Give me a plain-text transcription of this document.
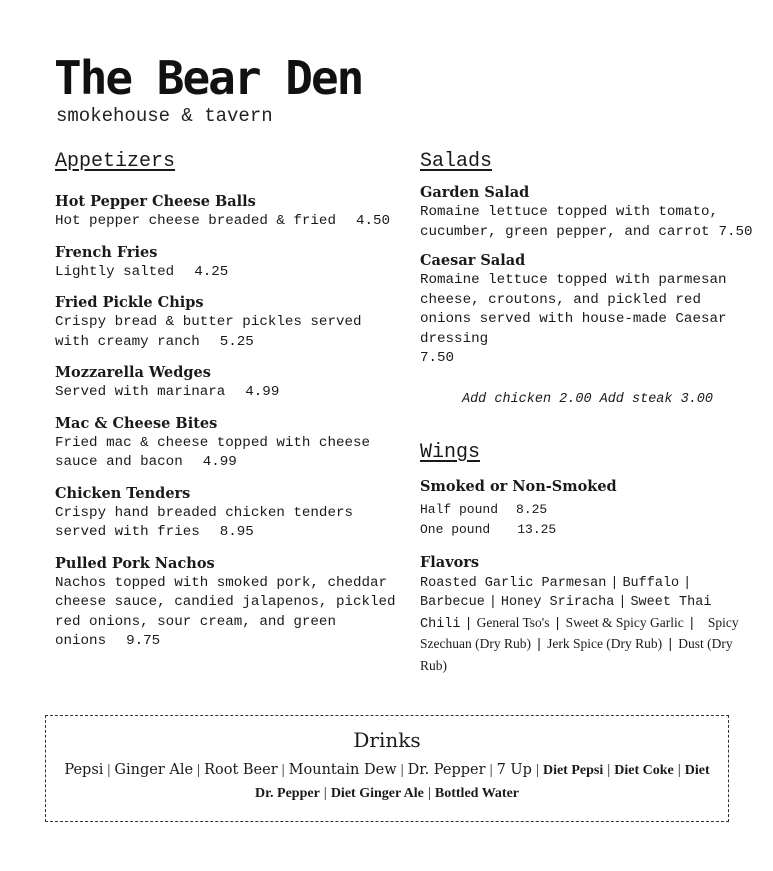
The Bear Den
smokehouse & tavern
Appetizers
Hot Pepper Cheese Balls
Hot pepper cheese breaded & fried 4.50
French Fries
Lightly salted 4.25
Fried Pickle Chips
Crispy bread & butter pickles served with creamy ranch 5.25
Mozzarella Wedges
Served with marinara 4.99
Mac & Cheese Bites
Fried mac & cheese topped with cheese sauce and bacon 4.99
Chicken Tenders
Crispy hand breaded chicken tenders served with fries 8.95
Pulled Pork Nachos
Nachos topped with smoked pork, cheddar cheese sauce, candied jalapenos, pickled red onions, sour cream, and green onions 9.75
Salads
Garden Salad
Romaine lettuce topped with tomato, cucumber, green pepper, and carrot 7.50
Caesar Salad
Romaine lettuce topped with parmesan cheese, croutons, and pickled red onions served with house-made Caesar dressing
7.50
Add chicken 2.00 Add steak 3.00
Wings
Smoked or Non-Smoked
Half pound 8.25
One pound 13.25
Flavors
Roasted Garlic Parmesan | Buffalo | Barbecue | Honey Sriracha | Sweet Thai Chili | General Tso's | Sweet & Spicy Garlic | Spicy Szechuan (Dry Rub) | Jerk Spice (Dry Rub) | Dust (Dry Rub)
Drinks
Pepsi | Ginger Ale | Root Beer | Mountain Dew | Dr. Pepper | 7 Up | Diet Pepsi | Diet Coke | Diet Dr. Pepper | Diet Ginger Ale | Bottled Water
